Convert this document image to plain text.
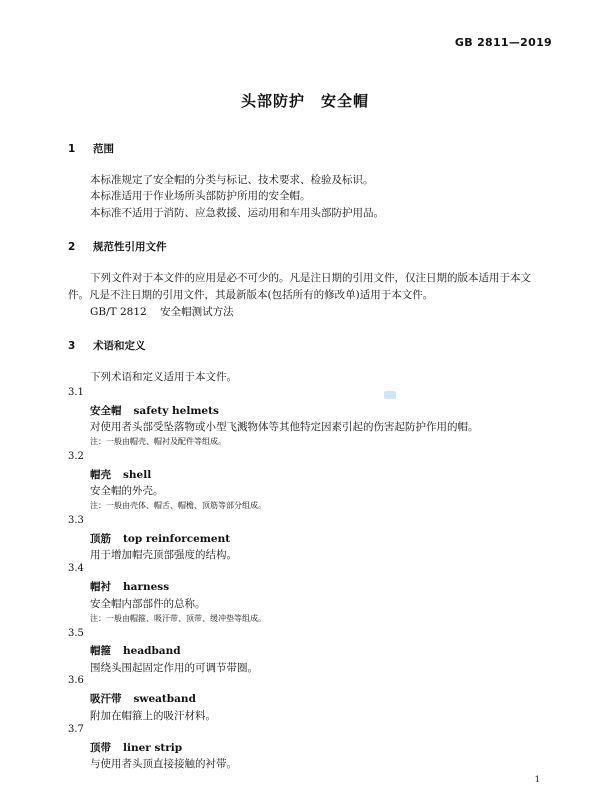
GB 2811—2019
头部防护　安全帽
1 范围
本标准规定了安全帽的分类与标记、技术要求、检验及标识。
本标准适用于作业场所头部防护所用的安全帽。
本标准不适用于消防、应急救援、运动用和车用头部防护用品。
2 规范性引用文件
下列文件对于本文件的应用是必不可少的。凡是注日期的引用文件，仅注日期的版本适用于本文
件。凡是不注日期的引用文件，其最新版本(包括所有的修改单)适用于本文件。
GB/T 2812 安全帽测试方法
3 术语和定义
下列术语和定义适用于本文件。
3.1
安全帽 safety helmets
对使用者头部受坠落物或小型飞溅物体等其他特定因素引起的伤害起防护作用的帽。
注：一般由帽壳、帽衬及配件等组成。
3.2
帽壳 shell
安全帽的外壳。
注：一般由壳体、帽舌、帽檐、顶筋等部分组成。
3.3
顶筋 top reinforcement
用于增加帽壳顶部强度的结构。
3.4
帽衬 harness
安全帽内部部件的总称。
注：一般由帽箍、吸汗带、顶带、缓冲垫等组成。
3.5
帽箍 headband
围绕头围起固定作用的可调节带圈。
3.6
吸汗带 sweatband
附加在帽箍上的吸汗材料。
3.7
顶带 liner strip
与使用者头顶直接接触的衬带。
1
